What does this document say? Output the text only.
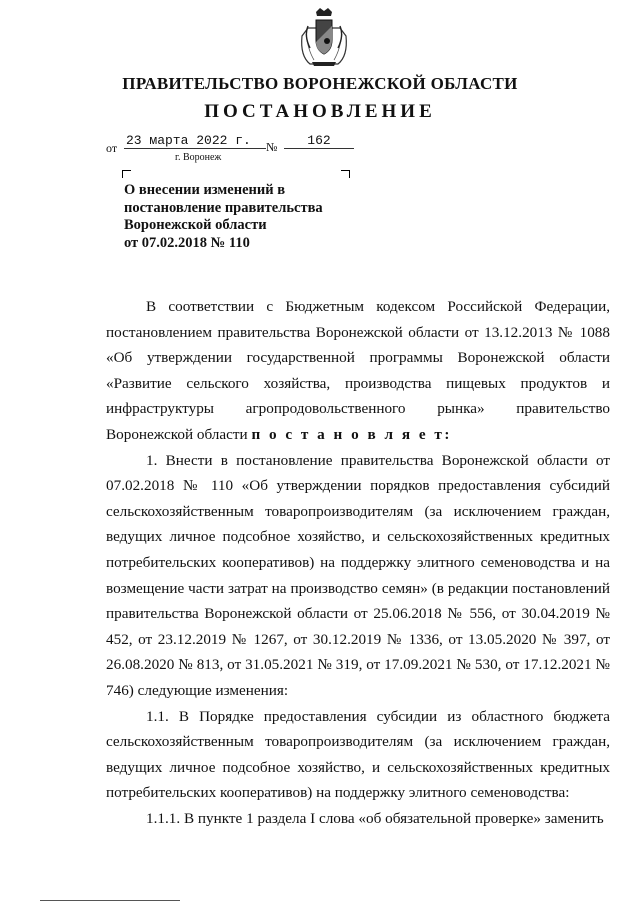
ПРАВИТЕЛЬСТВО ВОРОНЕЖСКОЙ ОБЛАСТИ
ПОСТАНОВЛЕНИЕ
от 23 марта 2022 г.	№	162
г. Воронеж
О внесении изменений в
постановление правительства
Воронежской области
от 07.02.2018 № 110

В соответствии с Бюджетным кодексом Российской Федерации, постановлением правительства Воронежской области от 13.12.2013 № 1088 «Об утверждении государственной программы Воронежской области «Развитие сельского хозяйства, производства пищевых продуктов и инфраструктуры агропродовольственного рынка» правительство Воронежской области п о с т а н о в л я е т:

1. Внести в постановление правительства Воронежской области от 07.02.2018 № 110 «Об утверждении порядков предоставления субсидий сельскохозяйственным товаропроизводителям (за исключением граждан, ведущих личное подсобное хозяйство, и сельскохозяйственных кредитных потребительских кооперативов) на поддержку элитного семеноводства и на возмещение части затрат на производство семян» (в редакции постановлений правительства Воронежской области от 25.06.2018 № 556, от 30.04.2019 № 452, от 23.12.2019 № 1267, от 30.12.2019 № 1336, от 13.05.2020 № 397, от 26.08.2020 № 813, от 31.05.2021 № 319, от 17.09.2021 № 530, от 17.12.2021 № 746) следующие изменения:

1.1. В Порядке предоставления субсидии из областного бюджета сельскохозяйственным товаропроизводителям (за исключением граждан, ведущих личное подсобное хозяйство, и сельскохозяйственных кредитных потребительских кооперативов) на поддержку элитного семеноводства:

1.1.1. В пункте 1 раздела I слова «об обязательной проверке» заменить
